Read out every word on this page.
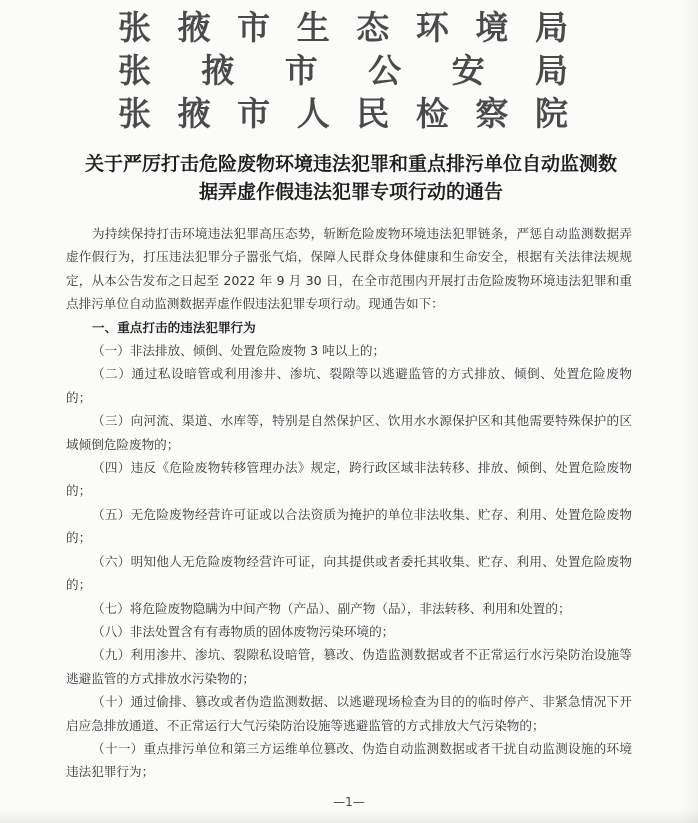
张 掖 市 生 态 环 境 局
张 掖 市 公 安 局
张 掖 市 人 民 检 察 院
关于严厉打击危险废物环境违法犯罪和重点排污单位自动监测数
据弄虚作假违法犯罪专项行动的通告

为持续保持打击环境违法犯罪高压态势，斩断危险废物环境违法犯罪链条，严惩自动监测数据弄虚作假行为，打压违法犯罪分子嚣张气焰，保障人民群众身体健康和生命安全，根据有关法律法规规定，从本公告发布之日起至 2022 年 9 月 30 日，在全市范围内开展打击危险废物环境违法犯罪和重点排污单位自动监测数据弄虚作假违法犯罪专项行动。现通告如下：

一、重点打击的违法犯罪行为

（一）非法排放、倾倒、处置危险废物 3 吨以上的；

（二）通过私设暗管或利用渗井、渗坑、裂隙等以逃避监管的方式排放、倾倒、处置危险废物的；

（三）向河流、渠道、水库等，特别是自然保护区、饮用水水源保护区和其他需要特殊保护的区域倾倒危险废物的；

（四）违反《危险废物转移管理办法》规定，跨行政区域非法转移、排放、倾倒、处置危险废物的；

（五）无危险废物经营许可证或以合法资质为掩护的单位非法收集、贮存、利用、处置危险废物的；

（六）明知他人无危险废物经营许可证，向其提供或者委托其收集、贮存、利用、处置危险废物的；

（七）将危险废物隐瞒为中间产物（产品）、副产物（品），非法转移、利用和处置的；

（八）非法处置含有有毒物质的固体废物污染环境的；

（九）利用渗井、渗坑、裂隙私设暗管，篡改、伪造监测数据或者不正常运行水污染防治设施等逃避监管的方式排放水污染物的；

（十）通过偷排、篡改或者伪造监测数据、以逃避现场检查为目的的临时停产、非紧急情况下开启应急排放通道、不正常运行大气污染防治设施等逃避监管的方式排放大气污染物的；

（十一）重点排污单位和第三方运维单位篡改、伪造自动监测数据或者干扰自动监测设施的环境违法犯罪行为；

—1—
